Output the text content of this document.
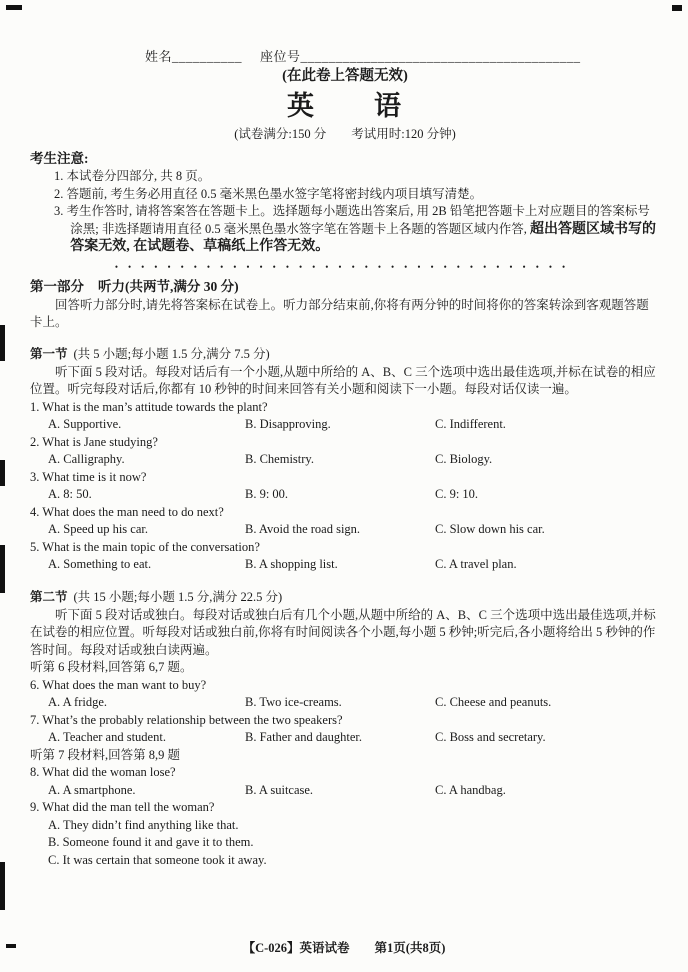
姓名__________ 座位号________________________________________
(在此卷上答题无效)
英　　语
(试卷满分:150 分　　考试用时:120 分钟)
考生注意:
1. 本试卷分四部分, 共 8 页。
2. 答题前, 考生务必用直径 0.5 毫米黑色墨水签字笔将密封线内项目填写清楚。
3. 考生作答时, 请将答案答在答题卡上。选择题每小题选出答案后, 用 2B 铅笔把答题卡上对应题目的答案标号涂黑; 非选择题请用直径 0.5 毫米黑色墨水签字笔在答题卡上各题的答题区域内作答, 超出答题区域书写的答案无效, 在试题卷、草稿纸上作答无效。
•••••••••••••••••••••••••••••••••••
第一部分 听力(共两节,满分 30 分)
回答听力部分时,请先将答案标在试卷上。听力部分结束前,你将有两分钟的时间将你的答案转涂到客观题答题卡上。
第一节 (共 5 小题;每小题 1.5 分,满分 7.5 分)
听下面 5 段对话。每段对话后有一个小题,从题中所给的 A、B、C 三个选项中选出最佳选项,并标在试卷的相应位置。听完每段对话后,你都有 10 秒钟的时间来回答有关小题和阅读下一小题。每段对话仅读一遍。
1. What is the man’s attitude towards the plant?
A. Supportive.	B. Disapproving.	C. Indifferent.
2. What is Jane studying?
A. Calligraphy.	B. Chemistry.	C. Biology.
3. What time is it now?
A. 8: 50.	B. 9: 00.	C. 9: 10.
4. What does the man need to do next?
A. Speed up his car.	B. Avoid the road sign.	C. Slow down his car.
5. What is the main topic of the conversation?
A. Something to eat.	B. A shopping list.	C. A travel plan.
第二节 (共 15 小题;每小题 1.5 分,满分 22.5 分)
听下面 5 段对话或独白。每段对话或独白后有几个小题,从题中所给的 A、B、C 三个选项中选出最佳选项,并标在试卷的相应位置。听每段对话或独白前,你将有时间阅读各个小题,每小题 5 秒钟;听完后,各小题将给出 5 秒钟的作答时间。每段对话或独白读两遍。
听第 6 段材料,回答第 6,7 题。
6. What does the man want to buy?
A. A fridge.	B. Two ice-creams.	C. Cheese and peanuts.
7. What’s the probably relationship between the two speakers?
A. Teacher and student.	B. Father and daughter.	C. Boss and secretary.
听第 7 段材料,回答第 8,9 题
8. What did the woman lose?
A. A smartphone.	B. A suitcase.	C. A handbag.
9. What did the man tell the woman?
A. They didn’t find anything like that.
B. Someone found it and gave it to them.
C. It was certain that someone took it away.
【C-026】英语试卷　　第1页(共8页)
